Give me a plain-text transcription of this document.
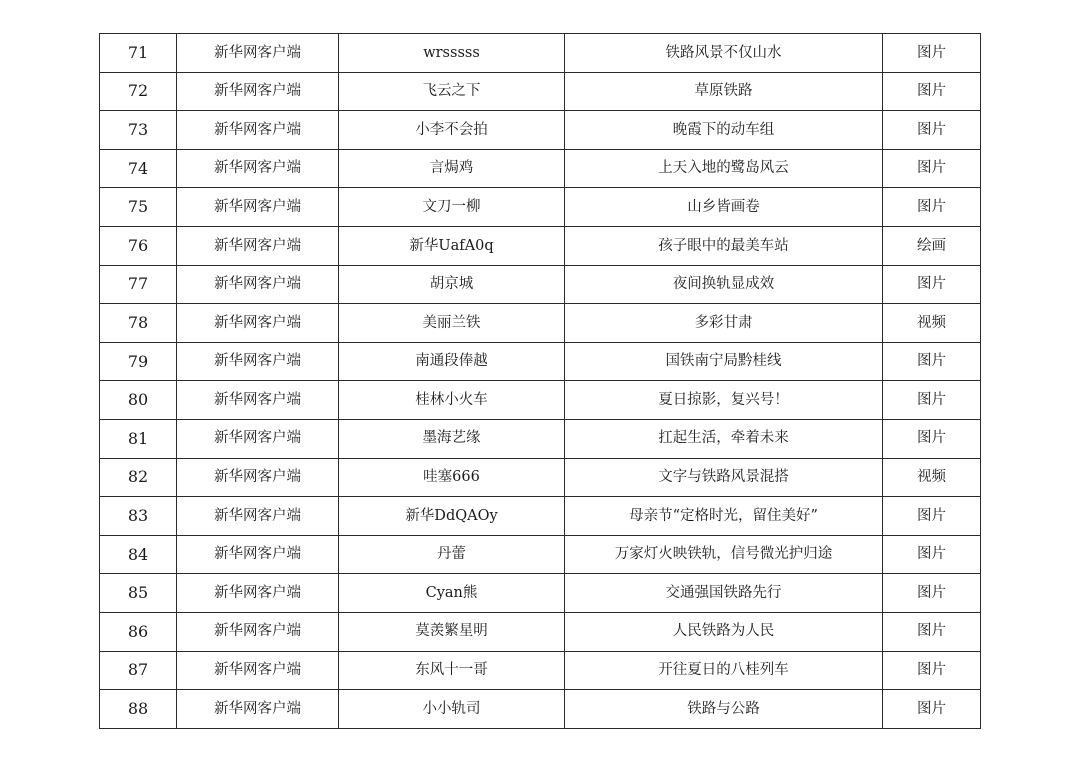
71	新华网客户端	wrsssss	铁路风景不仅山水	图片
72	新华网客户端	飞云之下	草原铁路	图片
73	新华网客户端	小李不会拍	晚霞下的动车组	图片
74	新华网客户端	言焗鸡	上天入地的鹭岛风云	图片
75	新华网客户端	文刀一柳	山乡皆画卷	图片
76	新华网客户端	新华UafA0q	孩子眼中的最美车站	绘画
77	新华网客户端	胡京城	夜间换轨显成效	图片
78	新华网客户端	美丽兰铁	多彩甘肃	视频
79	新华网客户端	南通段俸越	国铁南宁局黔桂线	图片
80	新华网客户端	桂林小火车	夏日掠影，复兴号！	图片
81	新华网客户端	墨海艺缘	扛起生活，牵着未来	图片
82	新华网客户端	哇塞666	文字与铁路风景混搭	视频
83	新华网客户端	新华DdQAOy	母亲节“定格时光，留住美好”	图片
84	新华网客户端	丹蕾	万家灯火映铁轨，信号微光护归途	图片
85	新华网客户端	Cyan熊	交通强国铁路先行	图片
86	新华网客户端	莫羡繁星明	人民铁路为人民	图片
87	新华网客户端	东风十一哥	开往夏日的八桂列车	图片
88	新华网客户端	小小轨司	铁路与公路	图片
